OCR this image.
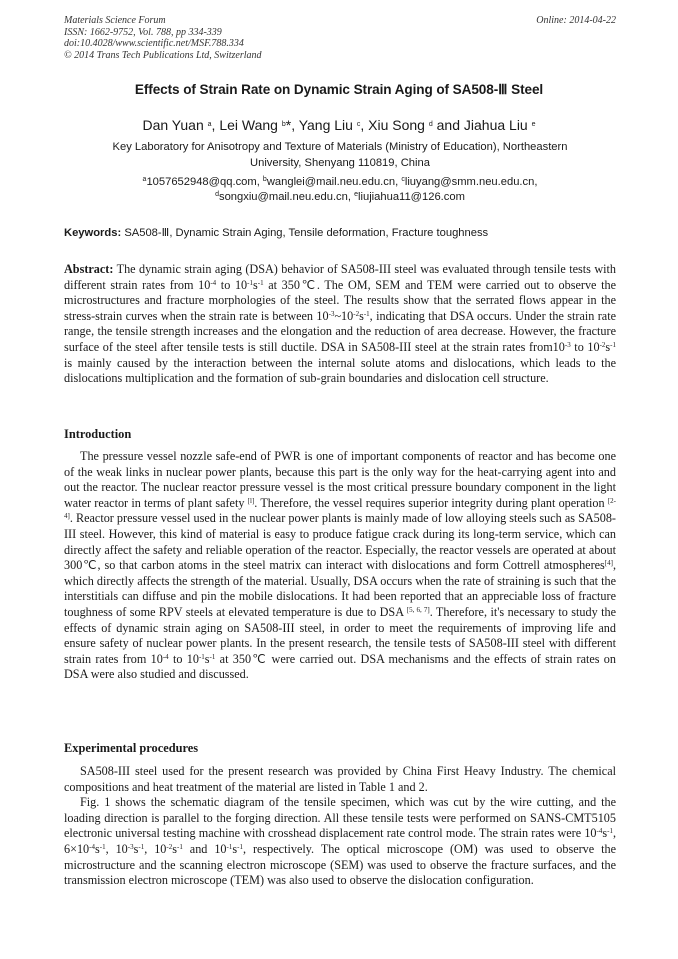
Materials Science Forum
ISSN: 1662-9752, Vol. 788, pp 334-339
doi:10.4028/www.scientific.net/MSF.788.334
© 2014 Trans Tech Publications Ltd, Switzerland
Online: 2014-04-22
Effects of Strain Rate on Dynamic Strain Aging of SA508-Ⅲ Steel
Dan Yuan $^a$, Lei Wang $^b$*, Yang Liu $^c$, Xiu Song $^d$ and Jiahua Liu $^e$
Key Laboratory for Anisotropy and Texture of Materials (Ministry of Education), Northeastern
University, Shenyang 110819, China
$^a$1057652948@qq.com, $^b$wanglei@mail.neu.edu.cn, $^c$liuyang@smm.neu.edu.cn,
$^d$songxiu@mail.neu.edu.cn, $^e$liujiahua11@126.com
Keywords: SA508-Ⅲ, Dynamic Strain Aging, Tensile deformation, Fracture toughness

Abstract: The dynamic strain aging (DSA) behavior of SA508-III steel was evaluated through tensile tests with different strain rates from $10^{-4}$ to $10^{-1}s^{-1}$ at 350℃. The OM, SEM and TEM were carried out to observe the microstructures and fracture morphologies of the steel. The results show that the serrated flows appear in the stress-strain curves when the strain rate is between $10^{-3}\sim 10^{-2}s^{-1}$, indicating that DSA occurs. Under the strain rate range, the tensile strength increases and the elongation and the reduction of area decrease. However, the fracture surface of the steel after tensile tests is still ductile. DSA in SA508-III steel at the strain rates $from10^{-3}$ to $10^{-2}s^{-1}$ is mainly caused by the interaction between the internal solute atoms and dislocations, which leads to the dislocations multiplication and the formation of sub-grain boundaries and dislocation cell structure.

Introduction

The pressure vessel nozzle safe-end of PWR is one of important components of reactor and has become one of the weak links in nuclear power plants, because this part is the only way for the heat-carrying agent into and out the reactor. The nuclear reactor pressure vessel is the most critical pressure boundary component in the light water reactor in terms of plant safety [l]. Therefore, the vessel requires superior integrity during plant operation [2-4]. Reactor pressure vessel used in the nuclear power plants is mainly made of low alloying steels such as SA508-III steel. However, this kind of material is easy to produce fatigue crack during its long-term service, which can directly affect the safety and reliable operation of the reactor. Especially, the reactor vessels are operated at about 300℃, so that carbon atoms in the steel matrix can interact with dislocations and form Cottrell atmospheres[4], which directly affects the strength of the material. Usually, DSA occurs when the rate of straining is such that the interstitials can diffuse and pin the mobile dislocations. It had been reported that an appreciable loss of fracture toughness of some RPV steels at elevated temperature is due to DSA [5, 6, 7]. Therefore, it's necessary to study the effects of dynamic strain aging on SA508-III steel, in order to meet the requirements of improving life and ensure safety of nuclear power plants. In the present research, the tensile tests of SA508-III steel with different strain rates from $10^{-4}$ to $10^{-1}s^{-1}$ at 350℃ were carried out. DSA mechanisms and the effects of strain rates on DSA were also studied and discussed.

Experimental procedures

SA508-III steel used for the present research was provided by China First Heavy Industry. The chemical compositions and heat treatment of the material are listed in Table 1 and 2.

Fig. 1 shows the schematic diagram of the tensile specimen, which was cut by the wire cutting, and the loading direction is parallel to the forging direction. All these tensile tests were performed on SANS-CMT5105 electronic universal testing machine with crosshead displacement rate control mode. The strain rates were $10^{-4}s^{-1}$, $6\times 10^{-4}s^{-1}$, $10^{-3}s^{-1}$, $10^{-2}s^{-1}$ and $10^{-1}s^{-1}$, respectively. The optical microscope (OM) was used to observe the microstructure and the scanning electron microscope (SEM) was used to observe the fracture surfaces, and the transmission electron microscope (TEM) was also used to observe the dislocation configuration.
